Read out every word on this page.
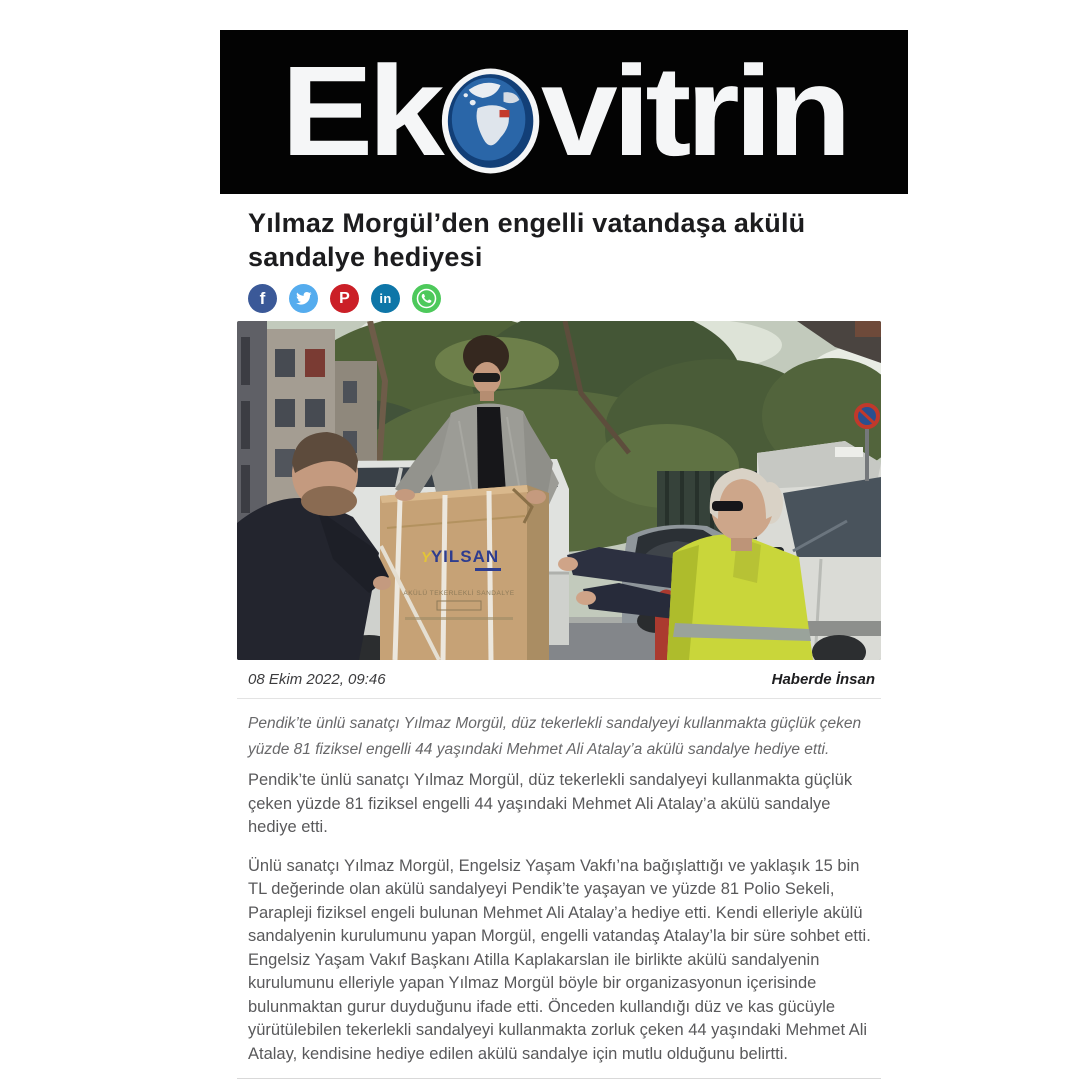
Ek vitrin
Yılmaz Morgül’den engelli vatandaşa akülü sandalye hediyesi
f	P in
Y YILSAN
AKÜLÜ TEKERLEKLİ SANDALYE
08 Ekim 2022, 09:46	Haberde İnsan

Pendik’te ünlü sanatçı Yılmaz Morgül, düz tekerlekli sandalyeyi kullanmakta güçlük çeken yüzde 81 fiziksel engelli 44 yaşındaki Mehmet Ali Atalay’a akülü sandalye hediye etti.

Pendik’te ünlü sanatçı Yılmaz Morgül, düz tekerlekli sandalyeyi kullanmakta güçlük çeken yüzde 81 fiziksel engelli 44 yaşındaki Mehmet Ali Atalay’a akülü sandalye hediye etti.

Ünlü sanatçı Yılmaz Morgül, Engelsiz Yaşam Vakfı’na bağışlattığı ve yaklaşık 15 bin TL değerinde olan akülü sandalyeyi Pendik’te yaşayan ve yüzde 81 Polio Sekeli, Parapleji fiziksel engeli bulunan Mehmet Ali Atalay’a hediye etti. Kendi elleriyle akülü sandalyenin kurulumunu yapan Morgül, engelli vatandaş Atalay’la bir süre sohbet etti. Engelsiz Yaşam Vakıf Başkanı Atilla Kaplakarslan ile birlikte akülü sandalyenin kurulumunu elleriyle yapan Yılmaz Morgül böyle bir organizasyonun içerisinde bulunmaktan gurur duyduğunu ifade etti. Önceden kullandığı düz ve kas gücüyle yürütülebilen tekerlekli sandalyeyi kullanmakta zorluk çeken 44 yaşındaki Mehmet Ali Atalay, kendisine hediye edilen akülü sandalye için mutlu olduğunu belirtti.
